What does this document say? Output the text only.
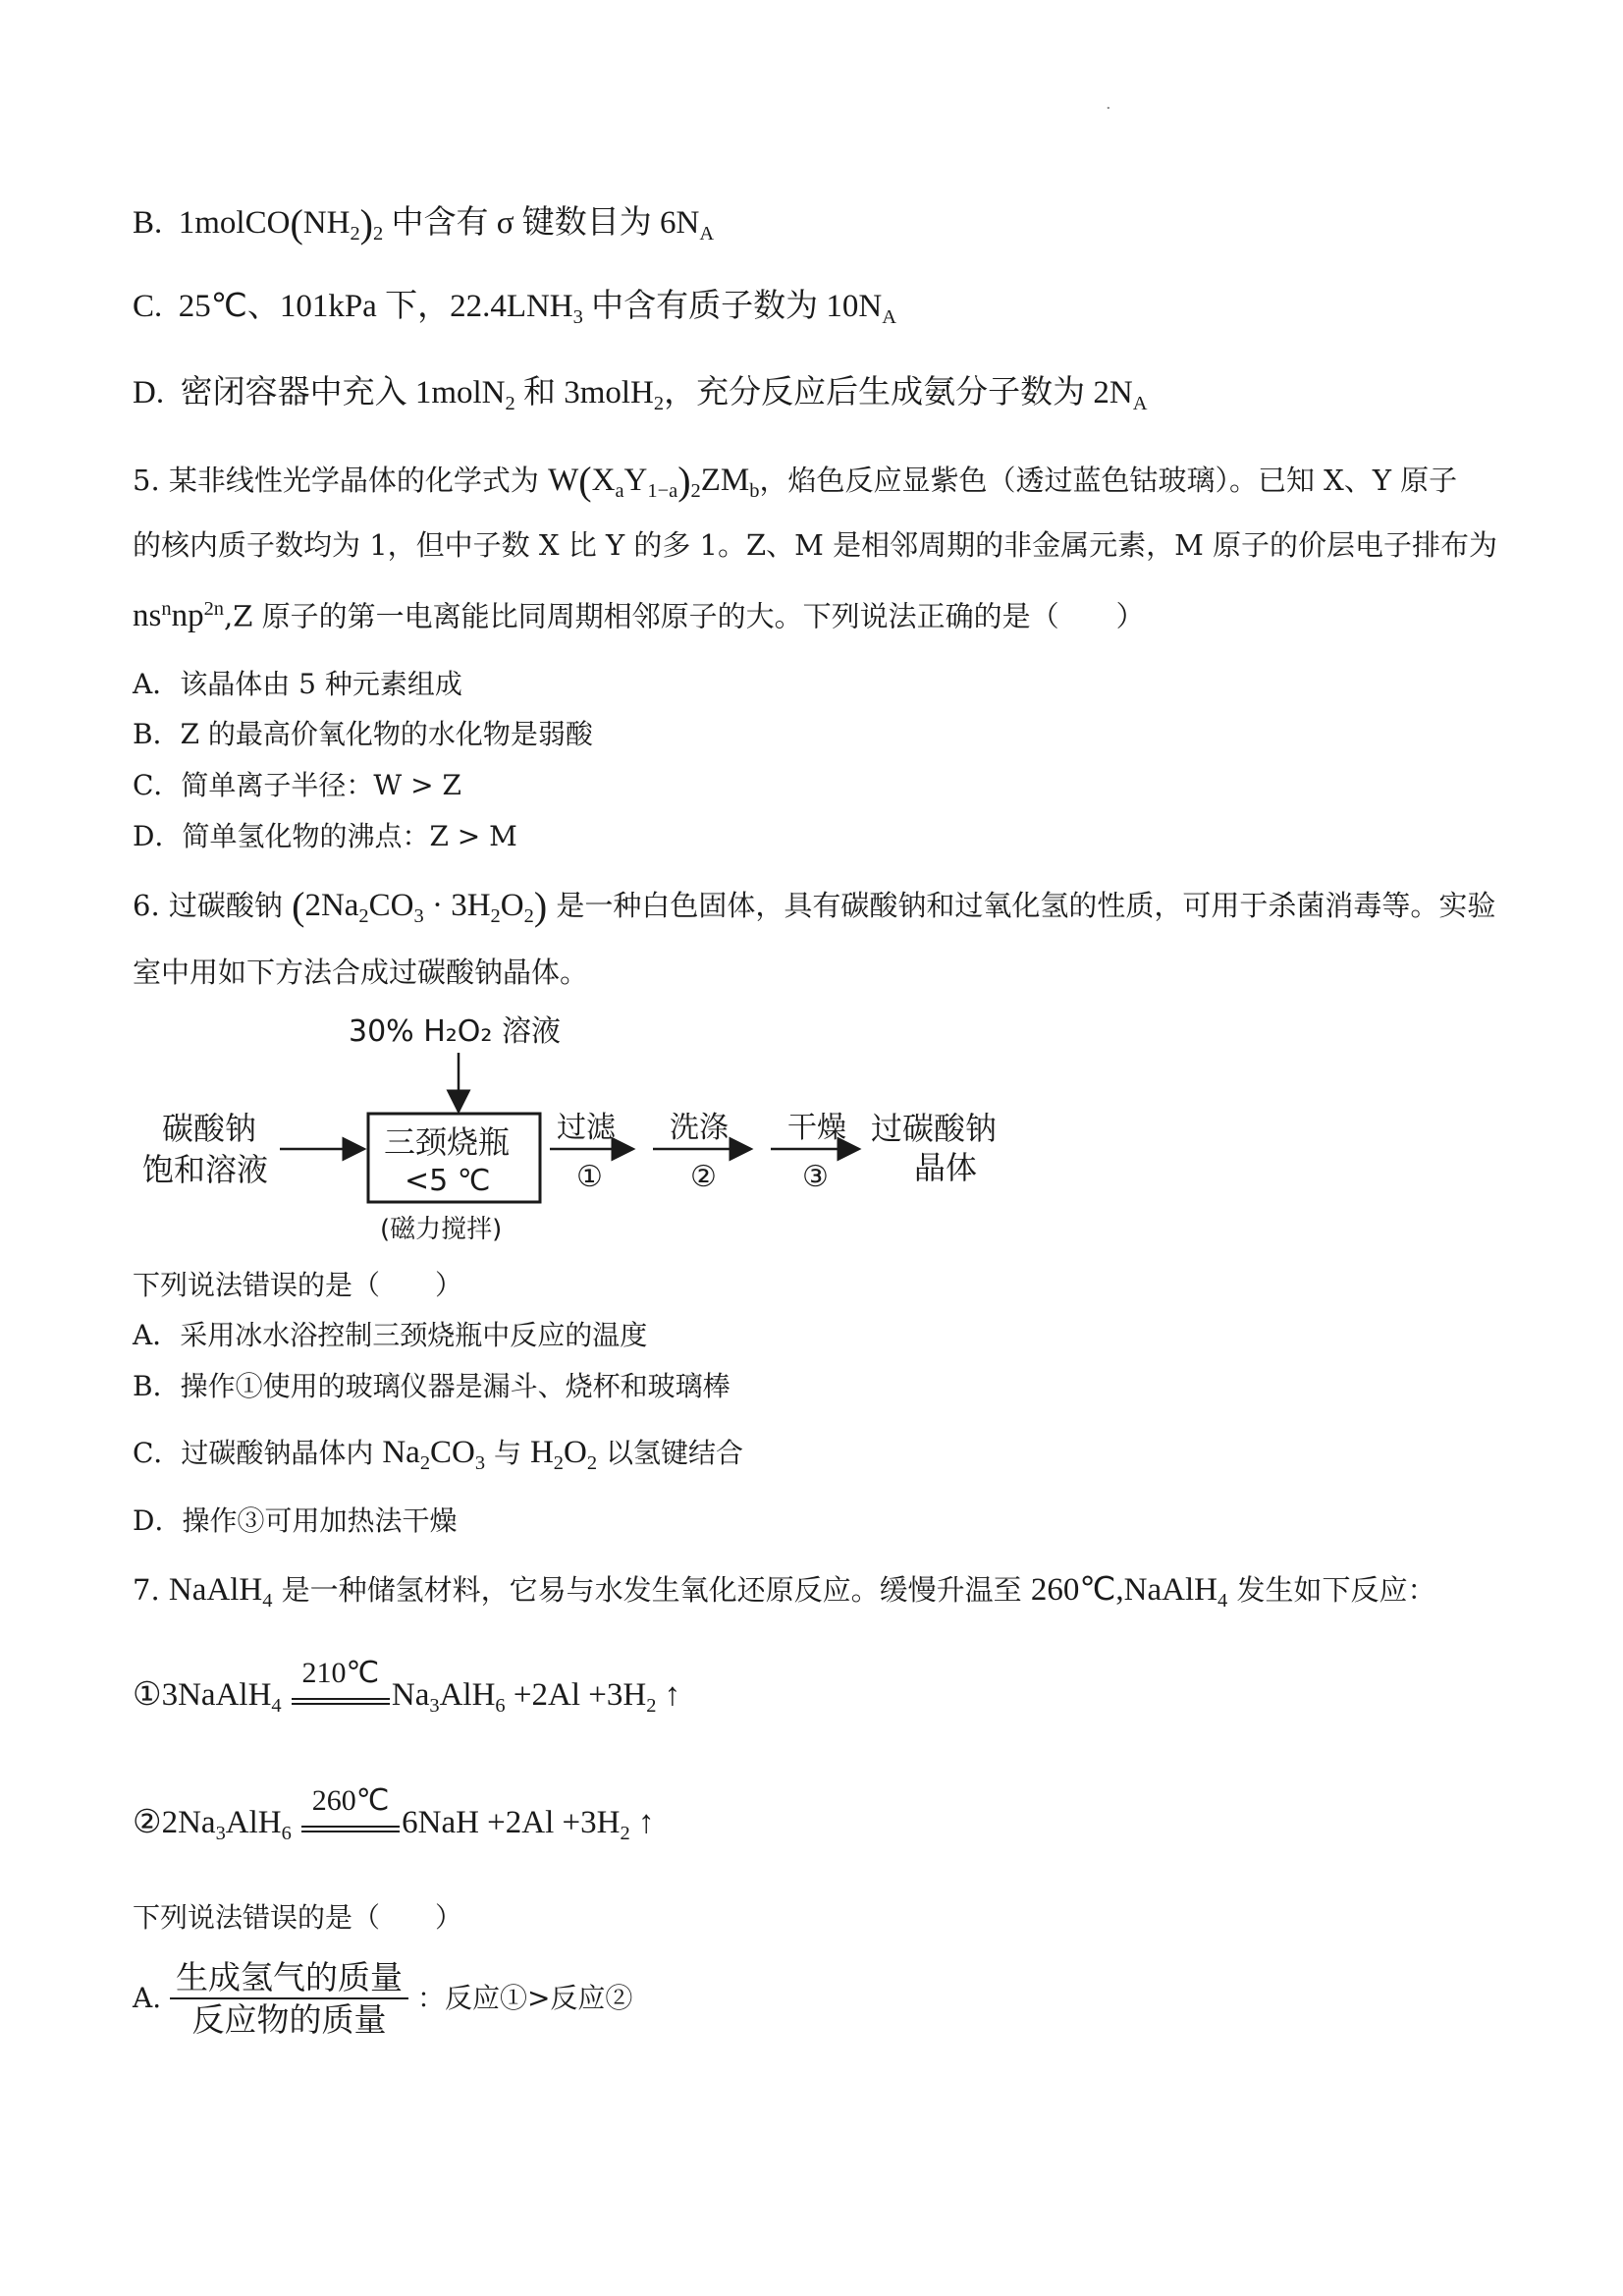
·
B.  $1molCO(NH_2)_2$ 中含有 σ 键数目为 $6N_A$
C.  25℃、101kPa 下，$22.4LNH_3$ 中含有质子数为 $10N_A$
D.  密闭容器中充入 1molN$_2$ 和 3molH$_2$，充分反应后生成氨分子数为 $2N_A$
5. 某非线性光学晶体的化学式为 $W(X_aY_{1-a})_2ZM_b$，焰色反应显紫色（透过蓝色钴玻璃）。已知 X、Y 原子
的核内质子数均为 1，但中子数 X 比 Y 的多 1。Z、M 是相邻周期的非金属元素，M 原子的价层电子排布为
$ns^nnp^{2n},Z$ 原子的第一电离能比同周期相邻原子的大。下列说法正确的是（　　）
A．该晶体由 5 种元素组成
B．Z 的最高价氧化物的水化物是弱酸
C．简单离子半径：W > Z
D．简单氢化物的沸点：Z > M
6. 过碳酸钠 $(2Na_2CO_3 \cdot 3H_2O_2)$ 是一种白色固体，具有碳酸钠和过氧化氢的性质，可用于杀菌消毒等。实验
室中用如下方法合成过碳酸钠晶体。
30% H₂O₂ 溶液
碳酸钠
饱和溶液
三颈烧瓶
<5 ℃
(磁力搅拌)
过滤
①
洗涤
②
干燥
③
过碳酸钠
晶体
下列说法错误的是（　　）
A．采用冰水浴控制三颈烧瓶中反应的温度
B．操作①使用的玻璃仪器是漏斗、烧杯和玻璃棒
C．过碳酸钠晶体内 $Na_2CO_3$ 与 $H_2O_2$ 以氢键结合
D．操作③可用加热法干燥
7. NaAlH$_4$ 是一种储氢材料，它易与水发生氧化还原反应。缓慢升温至 260℃,NaAlH$_4$ 发生如下反应：
①3NaAlH$_4$
210℃
$Na_3AlH_6 +2Al +3H_2$ ↑
$②2Na_3AlH_6$
260℃
$6NaH +2Al +3H_2$ ↑
下列说法错误的是（　　）
A. $\frac{\text{生成氢气的质量}}{\text{反应物的质量}}$ ：反应①>反应②
